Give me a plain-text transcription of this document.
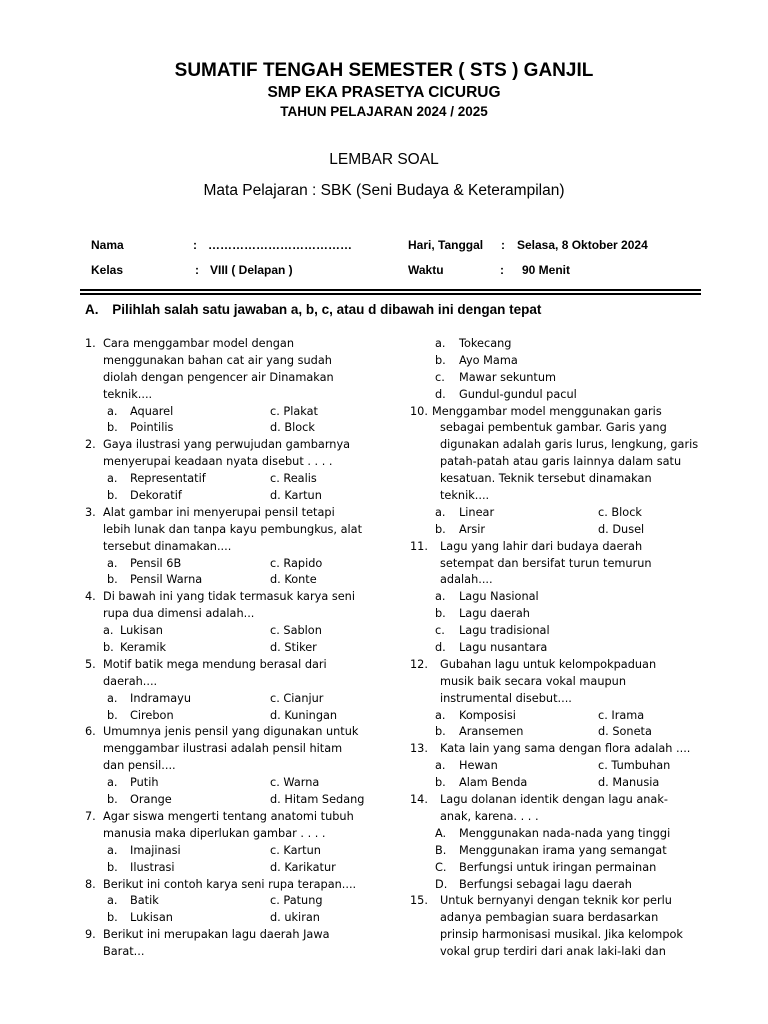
SUMATIF TENGAH SEMESTER ( STS ) GANJIL
SMP EKA PRASETYA CICURUG
TAHUN PELAJARAN 2024 / 2025
LEMBAR SOAL
Mata Pelajaran : SBK (Seni Budaya & Keterampilan)
Nama	: ………………………………	Hari, Tanggal : Selasa, 8 Oktober 2024
Kelas	: VIII ( Delapan )	Waktu	: 90 Menit
A. Pilihlah salah satu jawaban a, b, c, atau d dibawah ini dengan tepat
1. Cara menggambar model dengan
menggunakan bahan cat air yang sudah
diolah dengan pengencer air Dinamakan
teknik....
a. Aquarel	c. Plakat
b. Pointilis	d. Block
2. Gaya ilustrasi yang perwujudan gambarnya
menyerupai keadaan nyata disebut . . . .
a. Representatif	c. Realis
b. Dekoratif	d. Kartun
3. Alat gambar ini menyerupai pensil tetapi
lebih lunak dan tanpa kayu pembungkus, alat
tersebut dinamakan....
a. Pensil 6B	c. Rapido
b. Pensil Warna	d. Konte
4. Di bawah ini yang tidak termasuk karya seni
rupa dua dimensi adalah...
a. Lukisan	c. Sablon
b. Keramik	d. Stiker
5. Motif batik mega mendung berasal dari
daerah....
a. Indramayu	c. Cianjur
b. Cirebon	d. Kuningan
6. Umumnya jenis pensil yang digunakan untuk
menggambar ilustrasi adalah pensil hitam
dan pensil....
a. Putih	c. Warna
b. Orange	d. Hitam Sedang
7. Agar siswa mengerti tentang anatomi tubuh
manusia maka diperlukan gambar . . . .
a. Imajinasi	c. Kartun
b. Ilustrasi	d. Karikatur
8. Berikut ini contoh karya seni rupa terapan....
a. Batik	c. Patung
b. Lukisan	d. ukiran
9. Berikut ini merupakan lagu daerah Jawa
Barat...
a. Tokecang
b. Ayo Mama
c. Mawar sekuntum
d. Gundul-gundul pacul
10. Menggambar model menggunakan garis
sebagai pembentuk gambar. Garis yang
digunakan adalah garis lurus, lengkung, garis
patah-patah atau garis lainnya dalam satu
kesatuan. Teknik tersebut dinamakan
teknik....
a. Linear	c. Block
b. Arsir	d. Dusel
11. Lagu yang lahir dari budaya daerah
setempat dan bersifat turun temurun
adalah....
a. Lagu Nasional
b. Lagu daerah
c. Lagu tradisional
d. Lagu nusantara
12. Gubahan lagu untuk kelompokpaduan
musik baik secara vokal maupun
instrumental disebut....
a. Komposisi	c. Irama
b. Aransemen	d. Soneta
13. Kata lain yang sama dengan flora adalah ....
a. Hewan	c. Tumbuhan
b. Alam Benda	d. Manusia
14. Lagu dolanan identik dengan lagu anak-
anak, karena. . . .
A. Menggunakan nada-nada yang tinggi
B. Menggunakan irama yang semangat
C. Berfungsi untuk iringan permainan
D. Berfungsi sebagai lagu daerah
15. Untuk bernyanyi dengan teknik kor perlu
adanya pembagian suara berdasarkan
prinsip harmonisasi musikal. Jika kelompok
vokal grup terdiri dari anak laki-laki dan
